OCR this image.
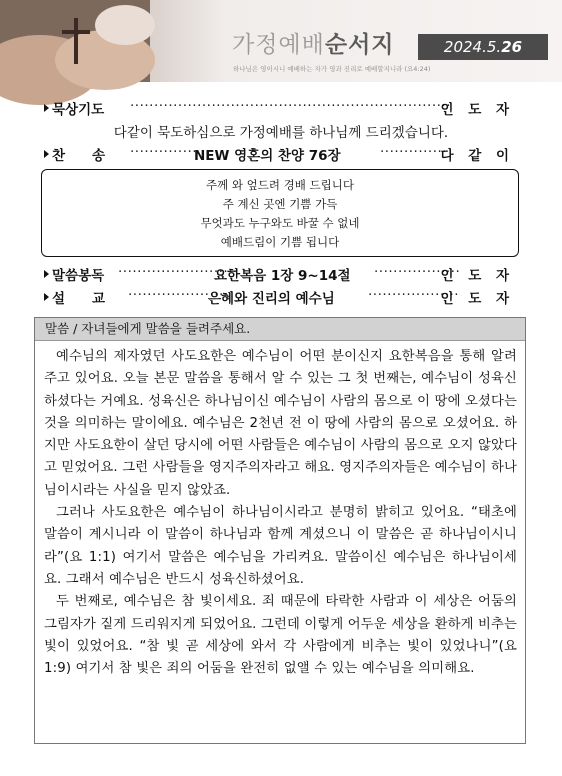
가정예배순서지	2024.5.26
하나님은 영이시니 예배하는 자가 영과 진리로 예배할지니라 (요4:24)
묵상기도 ···································································
인 도 자
다같이 묵도하심으로 가정예배를 하나님께 드리겠습니다.
찬　　송 ··············
NEW 영혼의 찬양 76장	··············
다 같 이
주께 와 엎드려 경배 드립니다
주 계신 곳엔 기쁨 가득
무엇과도 누구와도 바꿀 수 없네
예배드림이 기쁨 됩니다
말씀봉독 ·························
요한복음 1장 9~14절 ··················
인 도 자
설　　교 ·····················
은혜와 진리의 예수님 ···················
인 도 자
말씀 / 자녀들에게 말씀을 들려주세요.
예수님의 제자였던 사도요한은 예수님이 어떤 분이신지 요한복음을 통해 알려주고 있어요. 오늘 본문 말씀을 통해서 알 수 있는 그 첫 번째는, 예수님이 성육신하셨다는 거예요. 성육신은 하나님이신 예수님이 사람의 몸으로 이 땅에 오셨다는 것을 의미하는 말이에요. 예수님은 2천년 전 이 땅에 사람의 몸으로 오셨어요. 하지만 사도요한이 살던 당시에 어떤 사람들은 예수님이 사람의 몸으로 오지 않았다고 믿었어요. 그런 사람들을 영지주의자라고 해요. 영지주의자들은 예수님이 하나님이시라는 사실을 믿지 않았죠.
그러나 사도요한은 예수님이 하나님이시라고 분명히 밝히고 있어요. “태초에 말씀이 계시니라 이 말씀이 하나님과 함께 계셨으니 이 말씀은 곧 하나님이시니라”(요 1:1) 여기서 말씀은 예수님을 가리켜요. 말씀이신 예수님은 하나님이세요. 그래서 예수님은 반드시 성육신하셨어요.
두 번째로, 예수님은 참 빛이세요. 죄 때문에 타락한 사람과 이 세상은 어둠의 그림자가 짙게 드리워지게 되었어요. 그런데 이렇게 어두운 세상을 환하게 비추는 빛이 있었어요. “참 빛 곧 세상에 와서 각 사람에게 비추는 빛이 있었나니”(요 1:9) 여기서 참 빛은 죄의 어둠을 완전히 없앨 수 있는 예수님을 의미해요.
